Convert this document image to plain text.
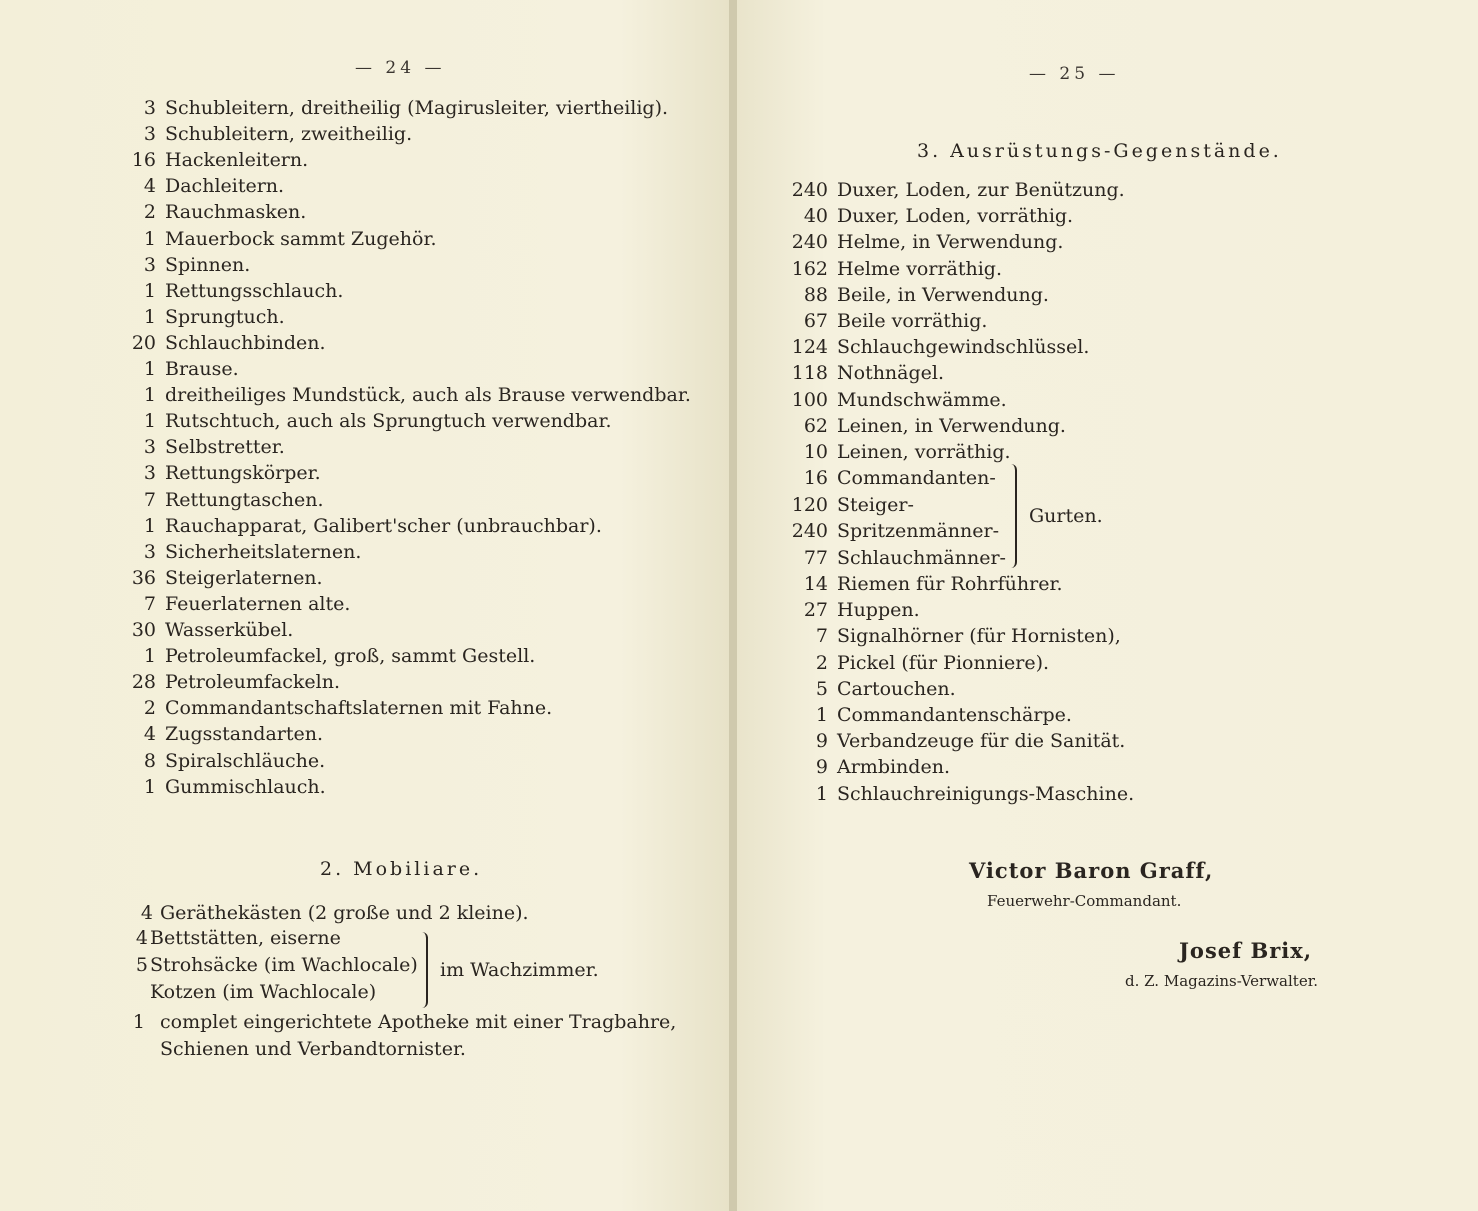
— 24 —
3 Schubleitern, dreitheilig (Magirusleiter, viertheilig).
3 Schubleitern, zweitheilig.
16 Hackenleitern.
4 Dachleitern.
2 Rauchmasken.
1 Mauerbock sammt Zugehör.
3 Spinnen.
1 Rettungsschlauch.
1 Sprungtuch.
20 Schlauchbinden.
1 Brause.
1 dreitheiliges Mundstück, auch als Brause verwendbar.
1 Rutschtuch, auch als Sprungtuch verwendbar.
3 Selbstretter.
3 Rettungskörper.
7 Rettungtaschen.
1 Rauchapparat, Galibert'scher (unbrauchbar).
3 Sicherheitslaternen.
36 Steigerlaternen.
7 Feuerlaternen alte.
30 Wasserkübel.
1 Petroleumfackel, groß, sammt Gestell.
28 Petroleumfackeln.
2 Commandantschaftslaternen mit Fahne.
4 Zugsstandarten.
8 Spiralschläuche.
1 Gummischlauch.
2. Mobiliare.
4 Geräthekästen (2 große und 2 kleine).
4 Bettstätten, eiserne
5 Strohsäcke (im Wachlocale)
Kotzen (im Wachlocale)
im Wachzimmer.
1 complet eingerichtete Apotheke mit einer Tragbahre,
Schienen und Verbandtornister.
— 25 —
3. Ausrüstungs-Gegenstände.
240 Duxer, Loden, zur Benützung.
40 Duxer, Loden, vorräthig.
240 Helme, in Verwendung.
162 Helme vorräthig.
88 Beile, in Verwendung.
67 Beile vorräthig.
124 Schlauchgewindschlüssel.
118 Nothnägel.
100 Mundschwämme.
62 Leinen, in Verwendung.
10 Leinen, vorräthig.
16 Commandanten-
120 Steiger-
240 Spritzenmänner-
77 Schlauchmänner-
Gurten.
14 Riemen für Rohrführer.
27 Huppen.
7 Signalhörner (für Hornisten),
2 Pickel (für Pionniere).
5 Cartouchen.
1 Commandantenschärpe.
9 Verbandzeuge für die Sanität.
9 Armbinden.
1 Schlauchreinigungs-Maschine.
Victor Baron Graff,
Feuerwehr-Commandant.
Josef Brix,
d. Z. Magazins-Verwalter.
